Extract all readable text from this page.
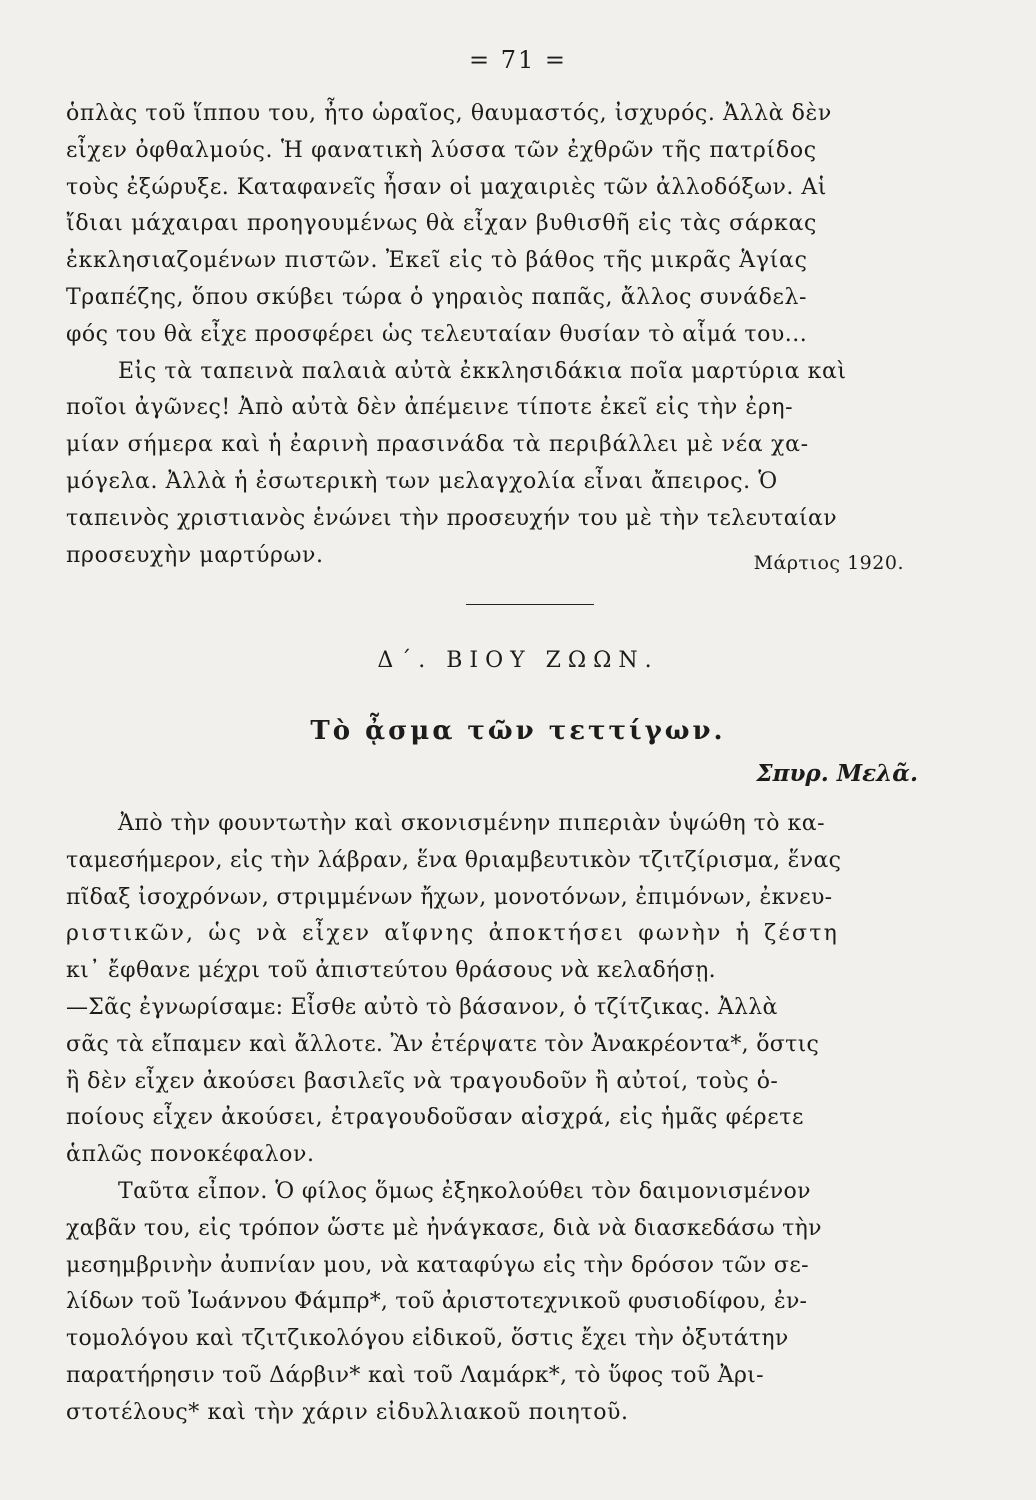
= 71 =
ὁπλὰς τοῦ ἵππου του, ἦτο ὡραῖος, θαυμαστός, ἰσχυρός. Ἀλλὰ δὲν
εἶχεν ὀφθαλμούς. Ἡ φανατικὴ λύσσα τῶν ἐχθρῶν τῆς πατρίδος
τοὺς ἐξώρυξε. Καταφανεῖς ἦσαν οἱ μαχαιριὲς τῶν ἀλλοδόξων. Αἱ
ἴδιαι μάχαιραι προηγουμένως θὰ εἶχαν βυθισθῆ εἰς τὰς σάρκας
ἐκκλησιαζομένων πιστῶν. Ἐκεῖ εἰς τὸ βάθος τῆς μικρᾶς Ἁγίας
Τραπέζης, ὅπου σκύβει τώρα ὁ γηραιὸς παπᾶς, ἄλλος συνάδελ-
φός του θὰ εἶχε προσφέρει ὡς τελευταίαν θυσίαν τὸ αἷμά του...
Εἰς τὰ ταπεινὰ παλαιὰ αὐτὰ ἐκκλησιδάκια ποῖα μαρτύρια καὶ
ποῖοι ἀγῶνες! Ἀπὸ αὐτὰ δὲν ἀπέμεινε τίποτε ἐκεῖ εἰς τὴν ἐρη-
μίαν σήμερα καὶ ἡ ἐαρινὴ πρασινάδα τὰ περιβάλλει μὲ νέα χα-
μόγελα. Ἀλλὰ ἡ ἐσωτερικὴ των μελαγχολία εἶναι ἄπειρος. Ὁ
ταπεινὸς χριστιανὸς ἑνώνει τὴν προσευχήν του μὲ τὴν τελευταίαν
προσευχὴν μαρτύρων.	Μάρτιος 1920.
Δ΄. ΒΙΟΥ ΖΩΩΝ.
Τὸ ᾆσμα τῶν τεττίγων.
Σπυρ. Μελᾶ.
Ἀπὸ τὴν φουντωτὴν καὶ σκονισμένην πιπεριὰν ὑψώθη τὸ κα-
ταμεσήμερον, εἰς τὴν λάβραν, ἕνα θριαμβευτικὸν τζιτζίρισμα, ἕνας
πῖδαξ ἰσοχρόνων, στριμμένων ἤχων, μονοτόνων, ἐπιμόνων, ἐκνευ-
ριστικῶν, ὡς νὰ εἶχεν αἴφνης ἀποκτήσει φωνὴν ἡ ζέστη
κι᾿ ἔφθανε μέχρι τοῦ ἀπιστεύτου θράσους νὰ κελαδήσῃ.
—Σᾶς ἐγνωρίσαμε: Εἶσθε αὐτὸ τὸ βάσανον, ὁ τζίτζικας. Ἀλλὰ
σᾶς τὰ εἴπαμεν καὶ ἄλλοτε. Ἂν ἐτέρψατε τὸν Ἀνακρέοντα*, ὅστις
ἢ δὲν εἶχεν ἀκούσει βασιλεῖς νὰ τραγουδοῦν ἢ αὐτοί, τοὺς ὁ-
ποίους εἶχεν ἀκούσει, ἐτραγουδοῦσαν αἰσχρά, εἰς ἡμᾶς φέρετε
ἁπλῶς πονοκέφαλον.
Ταῦτα εἶπον. Ὁ φίλος ὅμως ἐξηκολούθει τὸν δαιμονισμένον
χαβᾶν του, εἰς τρόπον ὥστε μὲ ἠνάγκασε, διὰ νὰ διασκεδάσω τὴν
μεσημβρινὴν ἀυπνίαν μου, νὰ καταφύγω εἰς τὴν δρόσον τῶν σε-
λίδων τοῦ Ἰωάννου Φάμπρ*, τοῦ ἀριστοτεχνικοῦ φυσιοδίφου, ἐν-
τομολόγου καὶ τζιτζικολόγου εἰδικοῦ, ὅστις ἔχει τὴν ὀξυτάτην
παρατήρησιν τοῦ Δάρβιν* καὶ τοῦ Λαμάρκ*, τὸ ὕφος τοῦ Ἀρι-
στοτέλους* καὶ τὴν χάριν εἰδυλλιακοῦ ποιητοῦ.
